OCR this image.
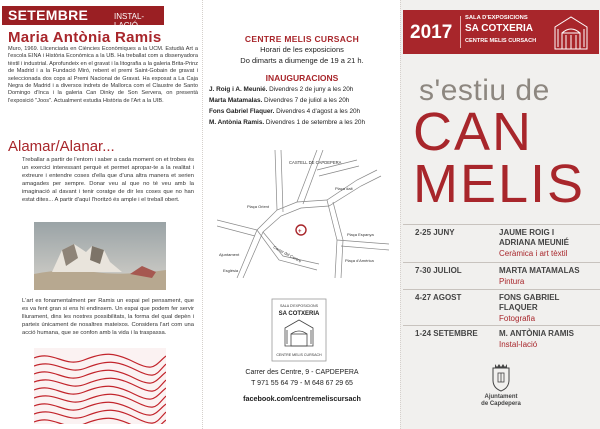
SETEMBRE	INSTAL-LACIÓ
Maria Antònia Ramis
Muro, 1969. Llicenciada en Ciències Econòmiques a la UCM. Estudià Art a l'escola EINA i Història Econòmica a la UB. Ha treballat com a dissenyadora tèxtil i industrial. Aprofundeix en el gravat i la litografia a la galeria Brita-Prinz de Madrid i a la Fundació Miró, rebent el premi Saint-Gobain de gravat i seleccionada dos cops al Premi Nacional de Gravat. Ha exposat a La Caja Negra de Madrid i a diversos indrets de Mallorca com el Claustre de Santo Domingo d'Inca i la galeria Can Dinky de Son Servera, on presentà l'exposició "Joos". Actualment estudia Història de l'Art a la UIB.
Alamar/Alanar...
Treballar a partir de l'entorn i saber a cada moment on et trobes és un exercici interessant perquè et permet apropar-te a la realitat i extreure i entendre coses d'ella que d'una altra manera et serien amagades per sempre. Donar veu al que no té veu amb la imaginació al davant i tenir coratge de dir les coses que no han estat dites... A partir d'aquí l'horitzó és ample i el treball obert.
L'art es fonamentalment per Ramis un espai pel pensament, que es va fent gran si ens hi endinsem. Un espai que podem fer servir lliurament, dins les nostres possibilitats, la forma del qual depèn i parteix únicament de nosaltres mateixos. Considera l'art com una acció humana, que se confon amb la vida i la traspassa.
CENTRE MELIS CURSACH
Horari de les exposicions
Do dimarts a diumenge de 19 a 21 h.
INAUGURACIONS
J. Roig i A. Meunié. Divendres 2 de juny a les 20h
Marta Matamalas. Divendres 7 de juliol a les 20h
Fons Gabriel Flaquer. Divendres 4 d'agost a les 20h
M. Antònia Ramis. Divendres 1 de setembre a les 20h
+
CASTELL DE CAPDEPERA
Plaça Orient
Plaça Espanya
Plaça dalt
Carrer del Centre
Ajuntament
Església
Plaça d'Amèrica
SALA D'EXPOSICIONS
SA COTXERIA
CENTRE MELIS CURSACH
Carrer des Centre, 9 - CAPDEPERA
T 971 55 64 79 - M 648 67 29 65
facebook.com/centremeliscursach
2017
SALA D'EXPOSICIONS
SA COTXERIA
CENTRE MELIS CURSACH
s'estiu de
CAN
MELIS
2-25 JUNY	JAUME ROIG I
ADRIANA MEUNIÉ
Ceràmica i art tèxtil
7-30 JULIOL	MARTA MATAMALAS
Pintura
4-27 AGOST	FONS GABRIEL
FLAQUER
Fotografia
1-24 SETEMBRE	M. ANTÒNIA RAMIS
Instal-lació
Ajuntament
de Capdepera
